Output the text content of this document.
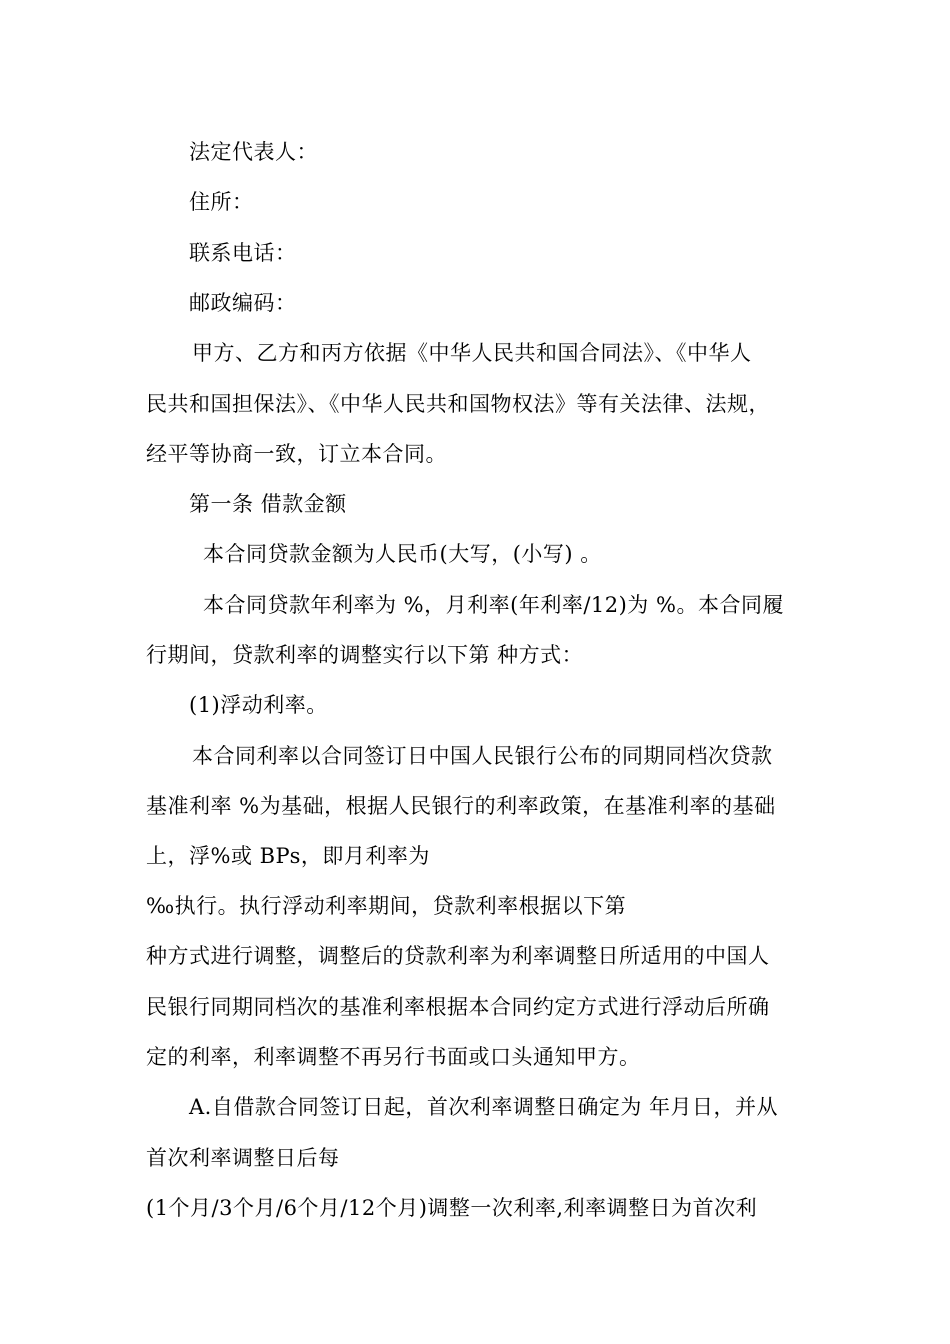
法定代表人：
住所：
联系电话：
邮政编码：
甲方、乙方和丙方依据《中华人民共和国合同法》、《中华人
民共和国担保法》、《中华人民共和国物权法》等有关法律、法规，
经平等协商一致，订立本合同。
第一条 借款金额
本合同贷款金额为人民币(大写，(小写) 。
本合同贷款年利率为 %，月利率(年利率/12)为 %。本合同履
行期间，贷款利率的调整实行以下第 种方式：
(1)浮动利率。
本合同利率以合同签订日中国人民银行公布的同期同档次贷款
基准利率 %为基础，根据人民银行的利率政策，在基准利率的基础
上，浮%或 BPs，即月利率为
‰执行。执行浮动利率期间，贷款利率根据以下第
种方式进行调整，调整后的贷款利率为利率调整日所适用的中国人
民银行同期同档次的基准利率根据本合同约定方式进行浮动后所确
定的利率，利率调整不再另行书面或口头通知甲方。
A.自借款合同签订日起，首次利率调整日确定为 年月日，并从
首次利率调整日后每
(1个月/3个月/6个月/12个月)调整一次利率,利率调整日为首次利
